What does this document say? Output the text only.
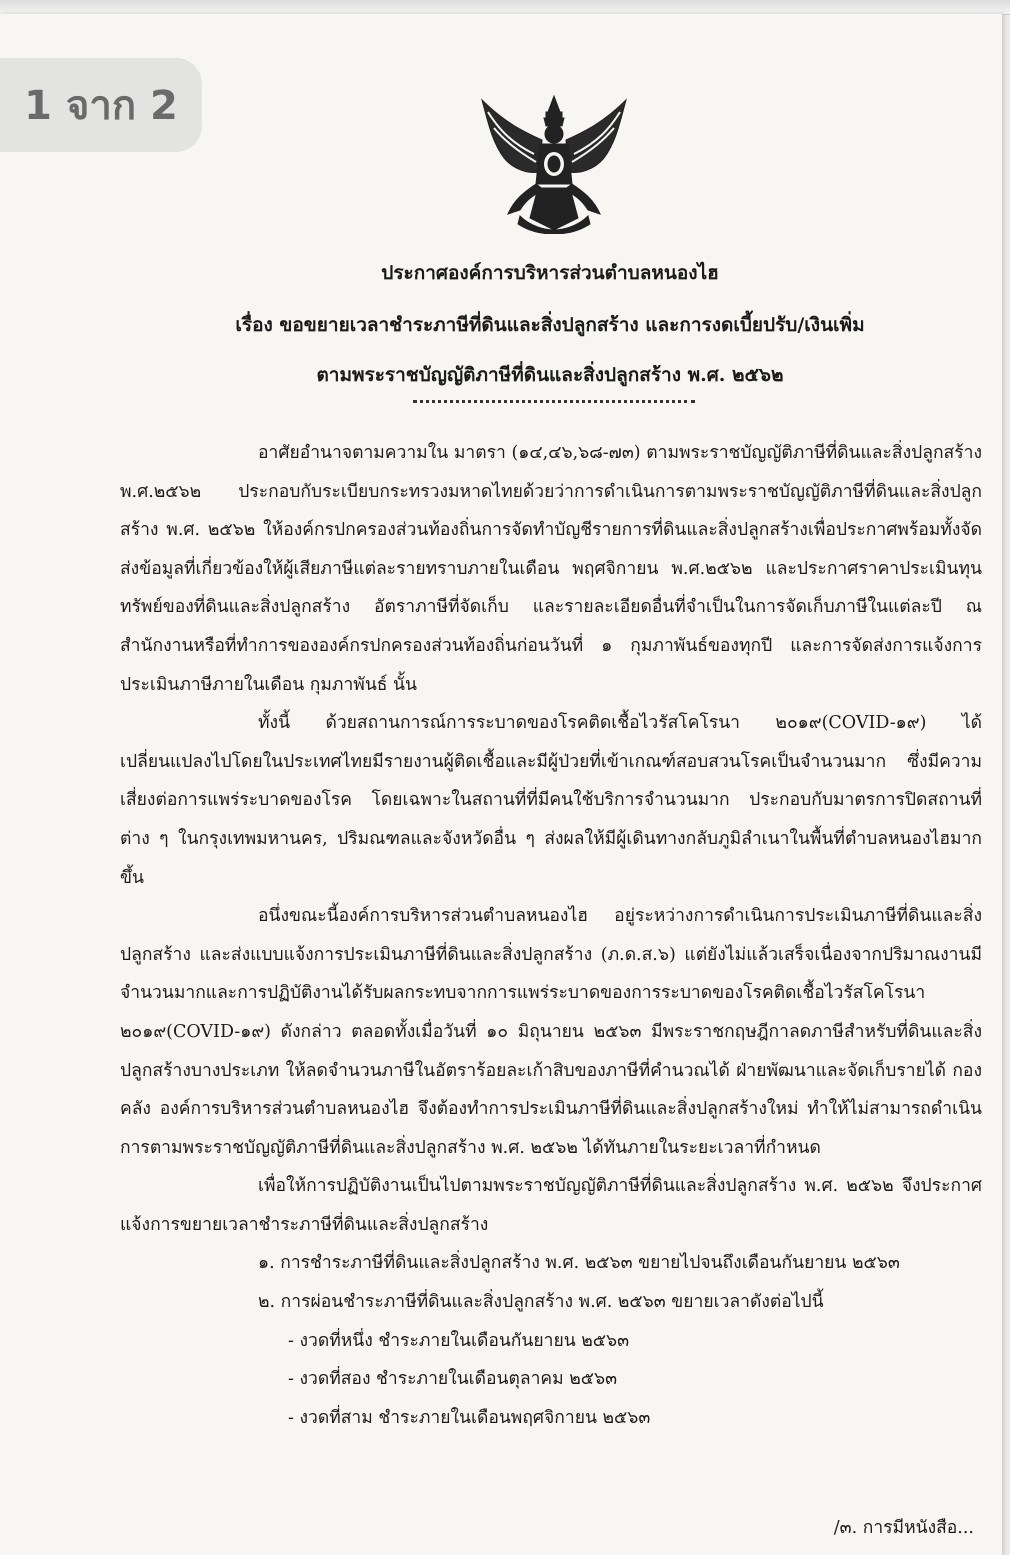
1 จาก 2
ประกาศองค์การบริหารส่วนตำบลหนองไฮ
เรื่อง ขอขยายเวลาชำระภาษีที่ดินและสิ่งปลูกสร้าง และการงดเบี้ยปรับ/เงินเพิ่ม
ตามพระราชบัญญัติภาษีที่ดินและสิ่งปลูกสร้าง พ.ศ. ๒๕๖๒

อาศัยอำนาจตามความใน มาตรา (๑๔,๔๖,๖๘-๗๓) ตามพระราชบัญญัติภาษีที่ดินและสิ่งปลูกสร้าง พ.ศ.๒๕๖๒ ประกอบกับระเบียบกระทรวงมหาดไทยด้วยว่าการดำเนินการตามพระราชบัญญัติภาษีที่ดินและสิ่งปลูกสร้าง พ.ศ. ๒๕๖๒ ให้องค์กรปกครองส่วนท้องถิ่นการจัดทำบัญชีรายการที่ดินและสิ่งปลูกสร้างเพื่อประกาศพร้อมทั้งจัดส่งข้อมูลที่เกี่ยวข้องให้ผู้เสียภาษีแต่ละรายทราบภายในเดือน พฤศจิกายน พ.ศ.๒๕๖๒ และประกาศราคาประเมินทุนทรัพย์ของที่ดินและสิ่งปลูกสร้าง อัตราภาษีที่จัดเก็บ และรายละเอียดอื่นที่จำเป็นในการจัดเก็บภาษีในแต่ละปี ณ สำนักงานหรือที่ทำการขององค์กรปกครองส่วนท้องถิ่นก่อนวันที่ ๑ กุมภาพันธ์ของทุกปี และการจัดส่งการแจ้งการประเมินภาษีภายในเดือน กุมภาพันธ์ นั้น

ทั้งนี้ ด้วยสถานการณ์การระบาดของโรคติดเชื้อไวรัสโคโรนา ๒๐๑๙(COVID-๑๙) ได้เปลี่ยนแปลงไปโดยในประเทศไทยมีรายงานผู้ติดเชื้อและมีผู้ป่วยที่เข้าเกณฑ์สอบสวนโรคเป็นจำนวนมาก ซึ่งมีความเสี่ยงต่อการแพร่ระบาดของโรค โดยเฉพาะในสถานที่ที่มีคนใช้บริการจำนวนมาก ประกอบกับมาตรการปิดสถานที่ต่าง ๆ ในกรุงเทพมหานคร, ปริมณฑลและจังหวัดอื่น ๆ ส่งผลให้มีผู้เดินทางกลับภูมิลำเนาในพื้นที่ตำบลหนองไฮมากขึ้น

อนึ่งขณะนี้องค์การบริหารส่วนตำบลหนองไฮ อยู่ระหว่างการดำเนินการประเมินภาษีที่ดินและสิ่งปลูกสร้าง และส่งแบบแจ้งการประเมินภาษีที่ดินและสิ่งปลูกสร้าง (ภ.ด.ส.๖) แต่ยังไม่แล้วเสร็จเนื่องจากปริมาณงานมีจำนวนมากและการปฏิบัติงานได้รับผลกระทบจากการแพร่ระบาดของการระบาดของโรคติดเชื้อไวรัสโคโรนา ๒๐๑๙(COVID-๑๙) ดังกล่าว ตลอดทั้งเมื่อวันที่ ๑๐ มิถุนายน ๒๕๖๓ มีพระราชกฤษฎีกาลดภาษีสำหรับที่ดินและสิ่งปลูกสร้างบางประเภท ให้ลดจำนวนภาษีในอัตราร้อยละเก้าสิบของภาษีที่คำนวณได้ ฝ่ายพัฒนาและจัดเก็บรายได้ กองคลัง องค์การบริหารส่วนตำบลหนองไฮ จึงต้องทำการประเมินภาษีที่ดินและสิ่งปลูกสร้างใหม่ ทำให้ไม่สามารถดำเนินการตามพระราชบัญญัติภาษีที่ดินและสิ่งปลูกสร้าง พ.ศ. ๒๕๖๒ ได้ทันภายในระยะเวลาที่กำหนด

เพื่อให้การปฏิบัติงานเป็นไปตามพระราชบัญญัติภาษีที่ดินและสิ่งปลูกสร้าง พ.ศ. ๒๕๖๒ จึงประกาศแจ้งการขยายเวลาชำระภาษีที่ดินและสิ่งปลูกสร้าง

๑. การชำระภาษีที่ดินและสิ่งปลูกสร้าง พ.ศ. ๒๕๖๓ ขยายไปจนถึงเดือนกันยายน ๒๕๖๓
๒. การผ่อนชำระภาษีที่ดินและสิ่งปลูกสร้าง พ.ศ. ๒๕๖๓ ขยายเวลาดังต่อไปนี้
- งวดที่หนึ่ง ชำระภายในเดือนกันยายน ๒๕๖๓
- งวดที่สอง ชำระภายในเดือนตุลาคม ๒๕๖๓
- งวดที่สาม ชำระภายในเดือนพฤศจิกายน ๒๕๖๓
/๓. การมีหนังสือ...
